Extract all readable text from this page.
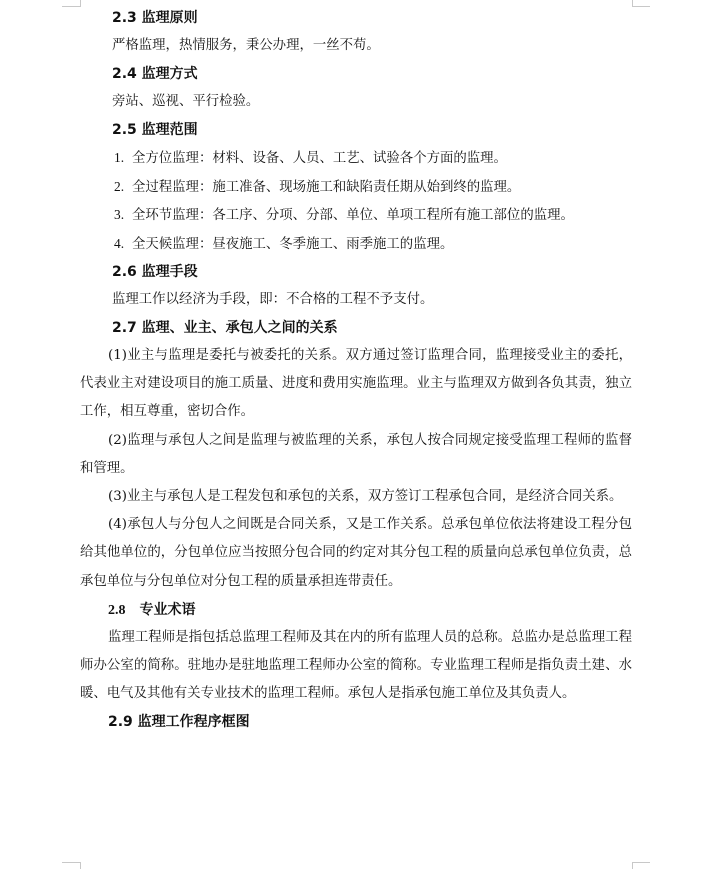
2.3 监理原则
严格监理，热情服务，秉公办理，一丝不苟。
2.4 监理方式
旁站、巡视、平行检验。
2.5 监理范围
1. 全方位监理：材料、设备、人员、工艺、试验各个方面的监理。
2. 全过程监理：施工准备、现场施工和缺陷责任期从始到终的监理。
3. 全环节监理：各工序、分项、分部、单位、单项工程所有施工部位的监理。
4. 全天候监理：昼夜施工、冬季施工、雨季施工的监理。
2.6 监理手段
监理工作以经济为手段，即：不合格的工程不予支付。
2.7 监理、业主、承包人之间的关系

(1)业主与监理是委托与被委托的关系。双方通过签订监理合同，监理接受业主的委托，代表业主对建设项目的施工质量、进度和费用实施监理。业主与监理双方做到各负其责，独立工作，相互尊重，密切合作。

(2)监理与承包人之间是监理与被监理的关系，承包人按合同规定接受监理工程师的监督和管理。

(3)业主与承包人是工程发包和承包的关系，双方签订工程承包合同，是经济合同关系。

(4)承包人与分包人之间既是合同关系，又是工作关系。总承包单位依法将建设工程分包给其他单位的，分包单位应当按照分包合同的约定对其分包工程的质量向总承包单位负责，总承包单位与分包单位对分包工程的质量承担连带责任。

2.8 专业术语

监理工程师是指包括总监理工程师及其在内的所有监理人员的总称。总监办是总监理工程师办公室的简称。驻地办是驻地监理工程师办公室的简称。专业监理工程师是指负责土建、水暖、电气及其他有关专业技术的监理工程师。承包人是指承包施工单位及其负责人。

2.9 监理工作程序框图
